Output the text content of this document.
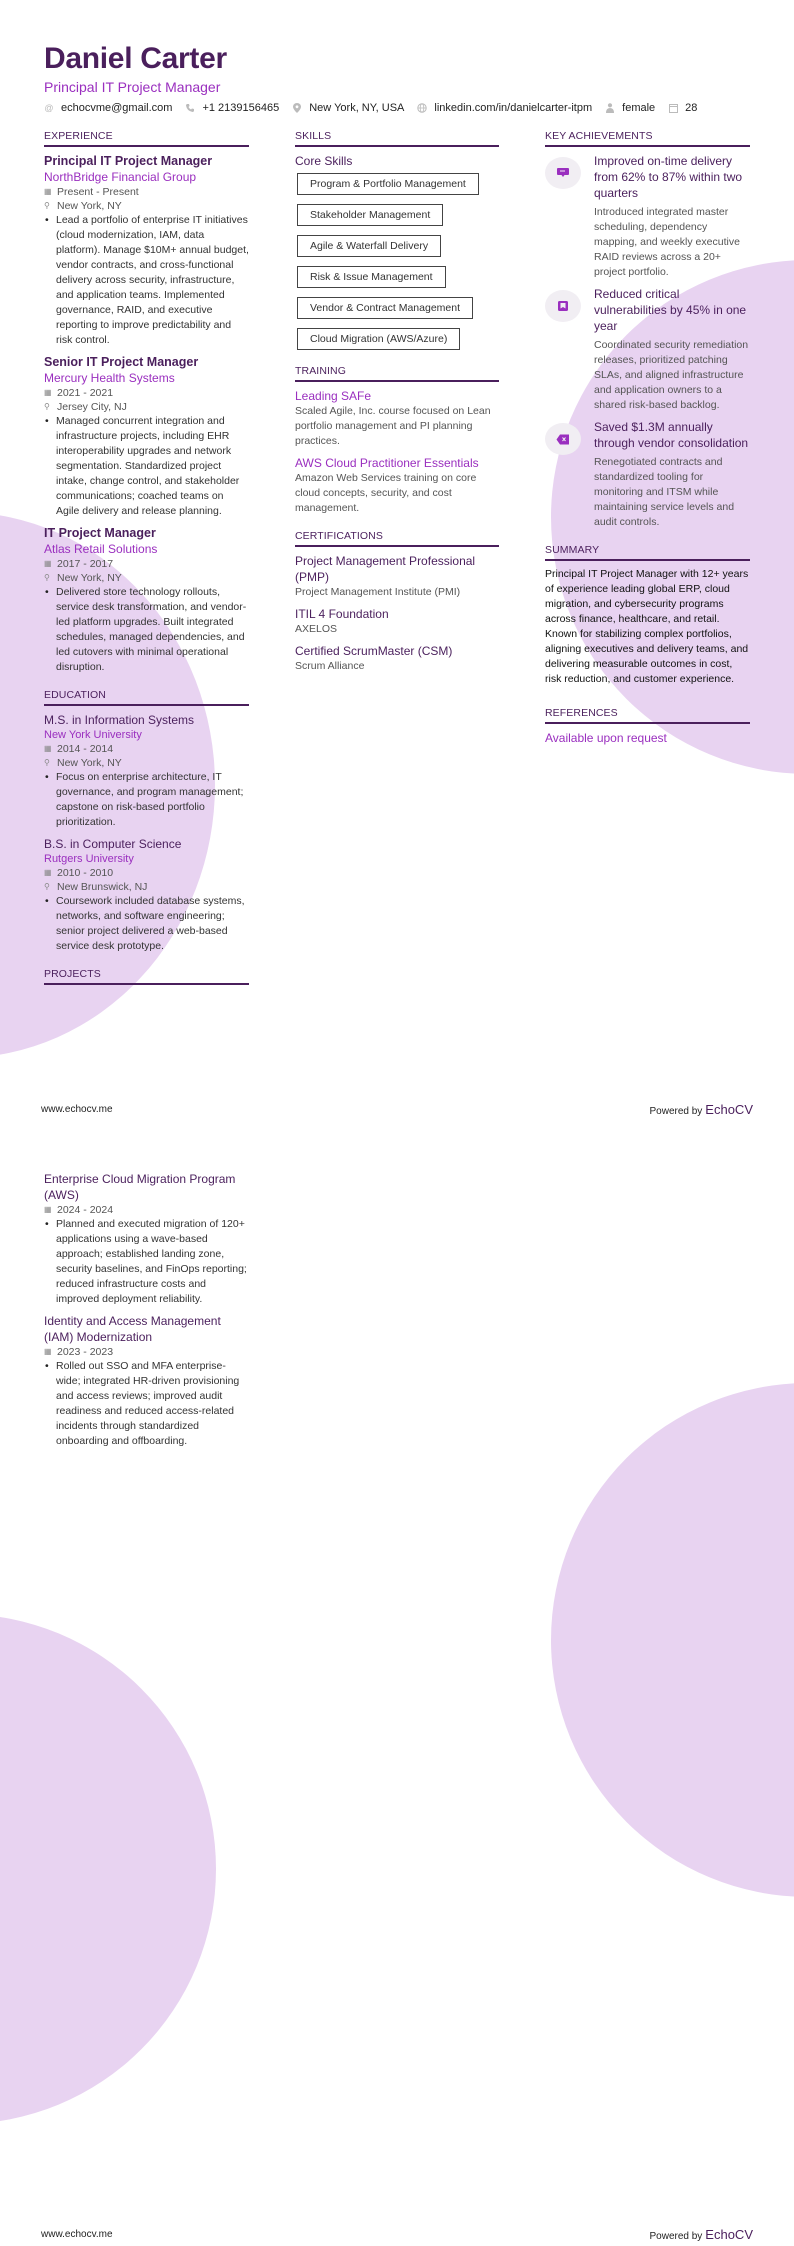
Daniel Carter
Principal IT Project Manager
@ echocvme@gmail.com	+1 2139156465	New York, NY, USA	linkedin.com/in/danielcarter-itpm	female	28
EXPERIENCE
Principal IT Project Manager
NorthBridge Financial Group
▦ Present - Present
⚲ New York, NY
• Lead a portfolio of enterprise IT initiatives (cloud modernization, IAM, data platform). Manage $10M+ annual budget, vendor contracts, and cross-functional delivery across security, infrastructure, and application teams. Implemented governance, RAID, and executive reporting to improve predictability and risk control.
Senior IT Project Manager
Mercury Health Systems
▦ 2021 - 2021
⚲ Jersey City, NJ
• Managed concurrent integration and infrastructure projects, including EHR interoperability upgrades and network segmentation. Standardized project intake, change control, and stakeholder communications; coached teams on Agile delivery and release planning.
IT Project Manager
Atlas Retail Solutions
▦ 2017 - 2017
⚲ New York, NY
• Delivered store technology rollouts, service desk transformation, and vendor-led platform upgrades. Built integrated schedules, managed dependencies, and led cutovers with minimal operational disruption.
EDUCATION
M.S. in Information Systems
New York University
▦ 2014 - 2014
⚲ New York, NY
• Focus on enterprise architecture, IT governance, and program management; capstone on risk-based portfolio prioritization.
B.S. in Computer Science
Rutgers University
▦ 2010 - 2010
⚲ New Brunswick, NJ
• Coursework included database systems, networks, and software engineering; senior project delivered a web-based service desk prototype.
PROJECTS
SKILLS
Core Skills
Program & Portfolio Management
Stakeholder Management
Agile & Waterfall Delivery
Risk & Issue Management
Vendor & Contract Management
Cloud Migration (AWS/Azure)
TRAINING
Leading SAFe
Scaled Agile, Inc. course focused on Lean portfolio management and PI planning practices.
AWS Cloud Practitioner Essentials
Amazon Web Services training on core cloud concepts, security, and cost management.
CERTIFICATIONS
Project Management Professional (PMP)
Project Management Institute (PMI)
ITIL 4 Foundation
AXELOS
Certified ScrumMaster (CSM)
Scrum Alliance
KEY ACHIEVEMENTS
Improved on-time delivery from 62% to 87% within two quarters
Introduced integrated master scheduling, dependency mapping, and weekly executive RAID reviews across a 20+ project portfolio.
Reduced critical vulnerabilities by 45% in one year
Coordinated security remediation releases, prioritized patching SLAs, and aligned infrastructure and application owners to a shared risk-based backlog.
Saved $1.3M annually through vendor consolidation
Renegotiated contracts and standardized tooling for monitoring and ITSM while maintaining service levels and audit controls.
SUMMARY
Principal IT Project Manager with 12+ years of experience leading global ERP, cloud migration, and cybersecurity programs across finance, healthcare, and retail. Known for stabilizing complex portfolios, aligning executives and delivery teams, and delivering measurable outcomes in cost, risk reduction, and customer experience.
REFERENCES
Available upon request
www.echocv.me	Powered by EchoCV
Enterprise Cloud Migration Program (AWS)
▦ 2024 - 2024
• Planned and executed migration of 120+ applications using a wave-based approach; established landing zone, security baselines, and FinOps reporting; reduced infrastructure costs and improved deployment reliability.
Identity and Access Management (IAM) Modernization
▦ 2023 - 2023
• Rolled out SSO and MFA enterprise-wide; integrated HR-driven provisioning and access reviews; improved audit readiness and reduced access-related incidents through standardized onboarding and offboarding.
www.echocv.me	Powered by EchoCV
